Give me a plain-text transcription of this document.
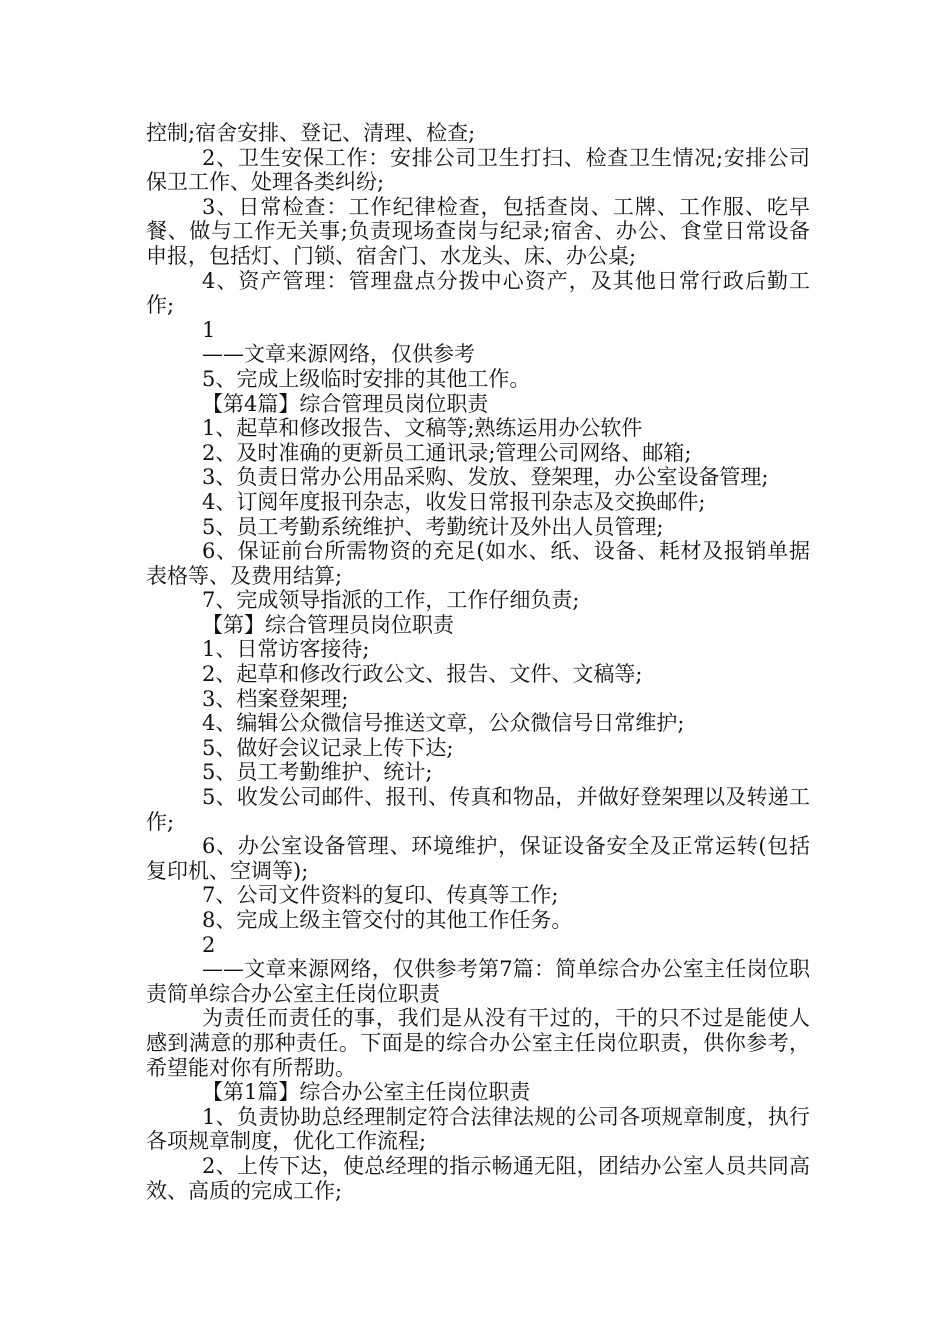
控制;宿舍安排、登记、清理、检查;

2、卫生安保工作：安排公司卫生打扫、检查卫生情况;安排公司保卫工作、处理各类纠纷;

3、日常检查：工作纪律检查，包括查岗、工牌、工作服、吃早餐、做与工作无关事;负责现场查岗与纪录;宿舍、办公、食堂日常设备申报，包括灯、门锁、宿舍门、水龙头、床、办公桌;

4、资产管理：管理盘点分拨中心资产，及其他日常行政后勤工作;

1

——文章来源网络，仅供参考

5、完成上级临时安排的其他工作。

【第4篇】综合管理员岗位职责

1、起草和修改报告、文稿等;熟练运用办公软件

2、及时准确的更新员工通讯录;管理公司网络、邮箱;

3、负责日常办公用品采购、发放、登架理，办公室设备管理;

4、订阅年度报刊杂志，收发日常报刊杂志及交换邮件;

5、员工考勤系统维护、考勤统计及外出人员管理;

6、保证前台所需物资的充足(如水、纸、设备、耗材及报销单据表格等、及费用结算;

7、完成领导指派的工作，工作仔细负责;

【第】综合管理员岗位职责

1、日常访客接待;

2、起草和修改行政公文、报告、文件、文稿等;

3、档案登架理;

4、编辑公众微信号推送文章，公众微信号日常维护;

5、做好会议记录上传下达;

5、员工考勤维护、统计;

5、收发公司邮件、报刊、传真和物品，并做好登架理以及转递工作;

6、办公室设备管理、环境维护，保证设备安全及正常运转(包括复印机、空调等);

7、公司文件资料的复印、传真等工作;

8、完成上级主管交付的其他工作任务。

2

——文章来源网络，仅供参考第7篇：简单综合办公室主任岗位职责简单综合办公室主任岗位职责

为责任而责任的事，我们是从没有干过的，干的只不过是能使人感到满意的那种责任。下面是的综合办公室主任岗位职责，供你参考，希望能对你有所帮助。

【第1篇】综合办公室主任岗位职责

1、负责协助总经理制定符合法律法规的公司各项规章制度，执行各项规章制度，优化工作流程;

2、上传下达，使总经理的指示畅通无阻，团结办公室人员共同高效、高质的完成工作;
